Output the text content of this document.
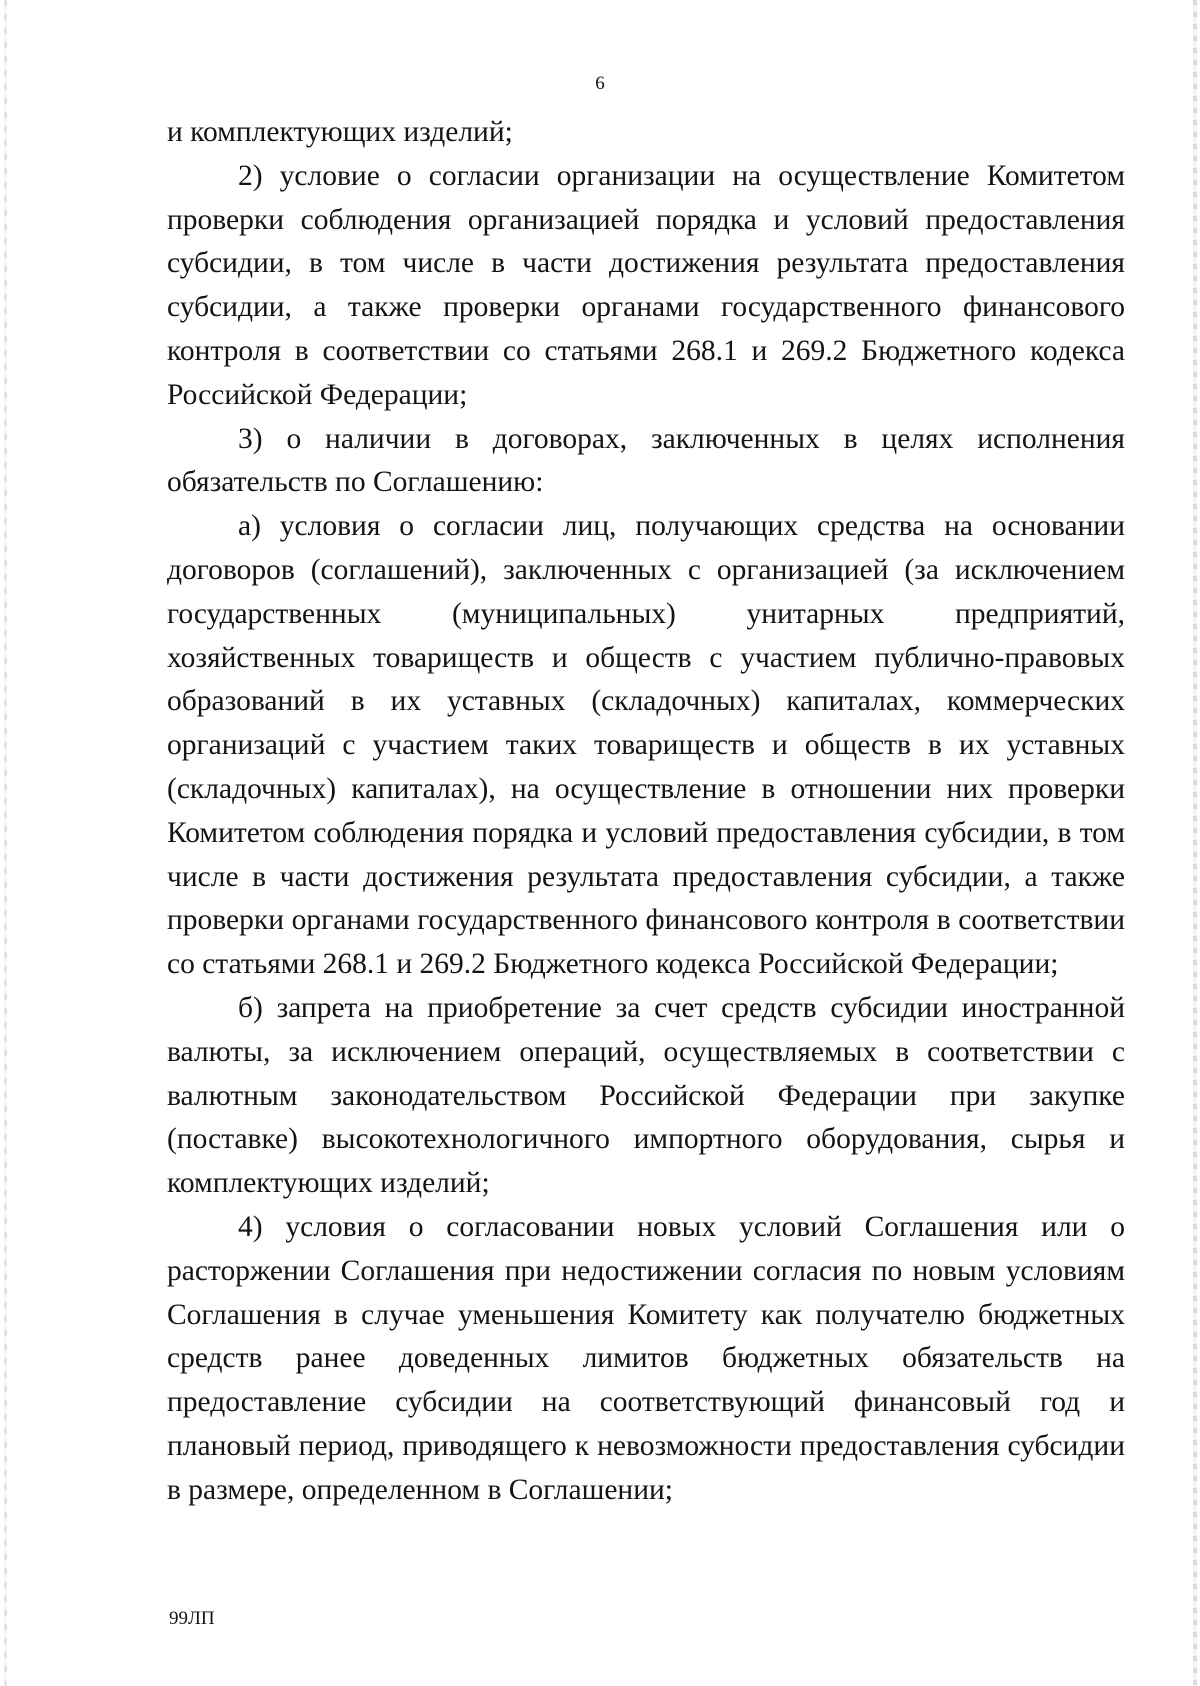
6

и комплектующих изделий;

2) условие о согласии организации на осуществление Комитетом проверки соблюдения организацией порядка и условий предоставления субсидии, в том числе в части достижения результата предоставления субсидии, а также проверки органами государственного финансового контроля в соответствии со статьями 268.1 и 269.2 Бюджетного кодекса Российской Федерации;

3) о наличии в договорах, заключенных в целях исполнения обязательств по Соглашению:

а) условия о согласии лиц, получающих средства на основании договоров (соглашений), заключенных с организацией (за исключением государственных (муниципальных) унитарных предприятий, хозяйственных товариществ и обществ с участием публично-правовых образований в их уставных (складочных) капиталах, коммерческих организаций с участием таких товариществ и обществ в их уставных (складочных) капиталах), на осуществление в отношении них проверки Комитетом соблюдения порядка и условий предоставления субсидии, в том числе в части достижения результата предоставления субсидии, а также проверки органами государственного финансового контроля в соответствии со статьями 268.1 и 269.2 Бюджетного кодекса Российской Федерации;

б) запрета на приобретение за счет средств субсидии иностранной валюты, за исключением операций, осуществляемых в соответствии с валютным законодательством Российской Федерации при закупке (поставке) высокотехнологичного импортного оборудования, сырья и комплектующих изделий;

4) условия о согласовании новых условий Соглашения или о расторжении Соглашения при недостижении согласия по новым условиям Соглашения в случае уменьшения Комитету как получателю бюджетных средств ранее доведенных лимитов бюджетных обязательств на предоставление субсидии на соответствующий финансовый год и плановый период, приводящего к невозможности предоставления субсидии в размере, определенном в Соглашении;

99ЛП
